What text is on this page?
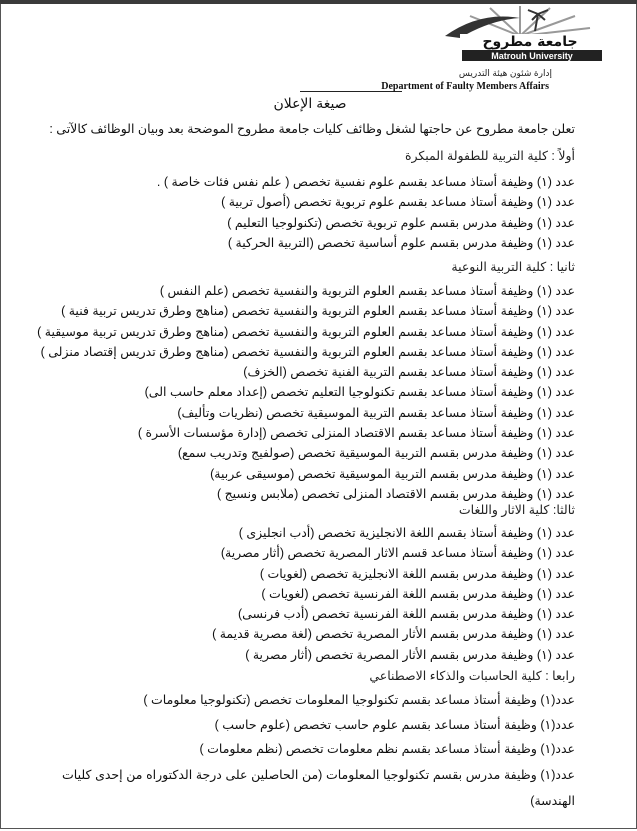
جامعة مطروح
Matrouh University
إدارة شئون هيئة التدريس
Department of Faulty Members Affairs
صيغة الإعلان
تعلن جامعة مطروح عن حاجتها لشغل وظائف كليات جامعة مطروح الموضحة بعد وبيان الوظائف كالآتى :
أولاً : كلية التربية للطفولة المبكرة
عدد (١) وظيفة أستاذ مساعد بقسم علوم نفسية تخصص ( علم نفس فئات خاصة ) .
عدد (١) وظيفة أستاذ مساعد بقسم علوم تربوية تخصص (أصول تربية )
عدد (١) وظيفة مدرس بقسم علوم تربوية تخصص (تكنولوجيا التعليم )
عدد (١) وظيفة مدرس بقسم علوم أساسية تخصص (التربية الحركية )
ثانيا : كلية التربية النوعية
عدد (١) وظيفة أستاذ مساعد بقسم العلوم التربوية والنفسية تخصص (علم النفس )
عدد (١) وظيفة أستاذ مساعد بقسم العلوم التربوية والنفسية تخصص (مناهج وطرق تدريس تربية فنية )
عدد (١) وظيفة أستاذ مساعد بقسم العلوم التربوية والنفسية تخصص (مناهج وطرق تدريس تربية موسيقية )
عدد (١) وظيفة أستاذ مساعد بقسم العلوم التربوية والنفسية تخصص (مناهج وطرق تدريس إقتصاد منزلى )
عدد (١) وظيفة أستاذ مساعد بقسم التربية الفنية تخصص (الخزف)
عدد (١) وظيفة أستاذ مساعد بقسم تكنولوجيا التعليم تخصص (إعداد معلم حاسب الى)
عدد (١) وظيفة أستاذ مساعد بقسم التربية الموسيقية تخصص (نظريات وتأليف)
عدد (١) وظيفة أستاذ مساعد بقسم الاقتصاد المنزلى تخصص (إدارة مؤسسات الأسرة )
عدد (١) وظيفة مدرس بقسم التربية الموسيقية تخصص (صولفيج وتدريب سمع)
عدد (١) وظيفة مدرس بقسم التربية الموسيقية تخصص (موسيقى عربية)
عدد (١) وظيفة مدرس بقسم الاقتصاد المنزلى تخصص (ملابس ونسيج )
ثالثا: كلية الاثار واللغات
عدد (١) وظيفة أستاذ بقسم اللغة الانجليزية تخصص (أدب انجليزى )
عدد (١) وظيفة أستاذ مساعد قسم الاثار المصرية تخصص (أثار مصرية)
عدد (١) وظيفة مدرس بقسم اللغة الانجليزية تخصص (لغويات )
عدد (١) وظيفة مدرس بقسم اللغة الفرنسية تخصص (لغويات )
عدد (١) وظيفة مدرس بقسم اللغة الفرنسية تخصص (أدب فرنسى)
عدد (١) وظيفة مدرس بقسم الأثار المصرية تخصص (لغة مصرية قديمة )
عدد (١) وظيفة مدرس بقسم الأثار المصرية تخصص (أثار مصرية )
رابعا : كلية الحاسبات والذكاء الاصطناعي
عدد(١) وظيفة أستاذ مساعد بقسم تكنولوجيا المعلومات تخصص (تكنولوجيا معلومات )
عدد(١) وظيفة أستاذ مساعد بقسم علوم حاسب تخصص (علوم حاسب )
عدد(١) وظيفة أستاذ مساعد بقسم نظم معلومات تخصص (نظم معلومات )
عدد(١) وظيفة مدرس بقسم تكنولوجيا المعلومات (من الحاصلين على درجة الدكتوراه من إحدى كليات الهندسة)
